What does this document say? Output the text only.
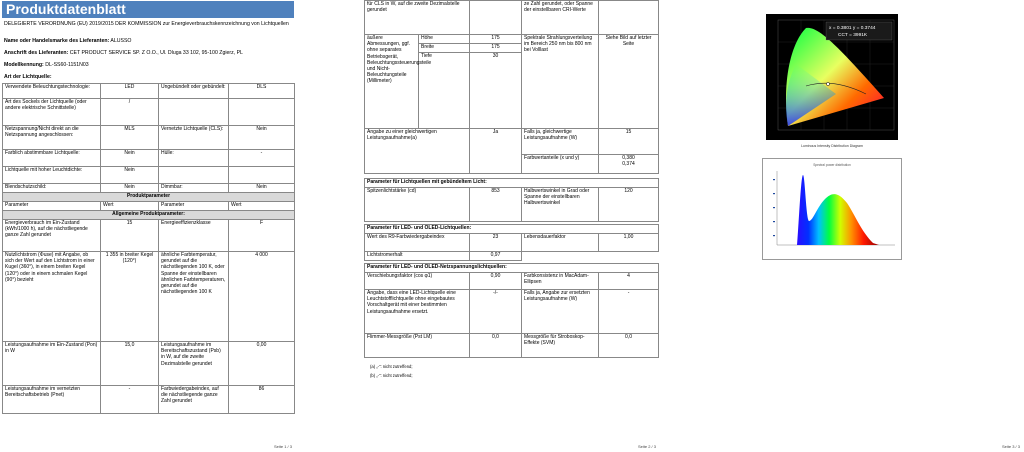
Produktdatenblatt
DELEGIERTE VERORDNUNG (EU) 2019/2015 DER KOMMISSION zur Energieverbrauchskennzeichnung von Lichtquellen
Name oder Handelsmarke des Lieferanten: ALUSSO
Anschrift des Lieferanten: CET PRODUCT SERVICE SP. Z O.O., Ul. Dluga 33 102, 95-100 Zgierz, PL
Modellkennung: DL-SS60-1151N03
Art der Lichtquelle:
Verwendete Beleuchtungstechnologie:	LED	Ungebündelt oder gebündelt:	DLS
Art des Sockels der Lichtquelle (oder andere elektrische Schnittstelle)	/		
Netzspannung/Nicht direkt an die Netzspannung angeschlossen:	MLS	Vernetzte Lichtquelle (CLS):	Nein
Farblich abstimmbare Lichtquelle:	Nein	Hülle:	-
Lichtquelle mit hoher Leuchtdichte:	Nein		
Blendschutzschild:	Nein	Dimmbar:	Nein
Produktparameter			
Parameter	Wert	Parameter	Wert
Allgemeine Produktparameter:			
Energieverbrauch im Ein-Zustand (kWh/1000 h), auf die nächstliegende ganze Zahl gerundet	15	Energieeffizienzklasse	F
Nutzlichtstrom (Φuse) mit Angabe, ob sich der Wert auf den Lichtstrom in einer Kugel (360°), in einem breiten Kegel (120°) oder in einem schmalen Kegel (90°) bezieht	1 355 in breiter Kegel (120°)	ähnliche Farbtemperatur, gerundet auf die nächstliegenden 100 K, oder Spanne der einstellbaren ähnlichen Farbtemperaturen, gerundet auf die nächstliegenden 100 K	4 000
Leistungsaufnahme im Ein-Zustand (Pon) in W	15,0	Leistungsaufnahme im Bereitschaftszustand (Psb) in W, auf die zweite Dezimalstelle gerundet	0,00
Leistungsaufnahme im vernetzten Bereitschaftsbetrieb (Pnet)	-	Farbwiedergabeindex, auf die nächstliegende ganze Zahl gerundet	86
Seite 1 / 3
für CLS in W, auf die zweite Dezimalstelle gerundet			ze Zahl gerundet, oder Spanne der einstellbaren CRI-Werte	
äußere Abmessungen, ggf. ohne separates Betriebsgerät, Beleuchtungssteuerungsteile und Nicht-Beleuchtungsteile (Millimeter)	Höhe	175	Spektrale Strahlungsverteilung im Bereich 250 nm bis 800 nm bei Volllast	Siehe Bild auf letzter Seite
	Breite	175		
	Tiefe	30		
Angabe zu einer gleichwertigen Leistungsaufnahme(a)		Ja	Falls ja, gleichwertige Leistungsaufnahme (W)	15
			Farbwertanteile (x und y)	0,380
0,374
Parameter für Lichtquellen mit gebündeltem Licht:
Spitzenlichtstärke (cd)	853	Halbwertswinkel in Grad oder Spanne der einstellbaren Halbwertswinkel	120
Parameter für LED- und OLED-Lichtquellen:			
Wert des R9-Farbwiedergabeindex	23	Lebensdauerfaktor	1,00
Lichtstromerhalt	0,97		
Parameter für LED- und OLED-Netzspannungslichtquellen:			
Verschiebungsfaktor (cos φ1)	0,90	Farbkonsistenz in MacAdam-Ellipsen	4
Angabe, dass eine LED-Lichtquelle eine Leuchtstofflichtquelle ohne eingebautes Vorschaltgerät mit einer bestimmten Leistungsaufnahme ersetzt.	-/-	Falls ja, Angabe zur ersetzten Leistungsaufnahme (W)	-
Flimmer-Messgröße (Pst LM)	0,0	Messgröße für Stroboskop-Effekte (SVM)	0,0
(a) „-“: nicht zutreffend;
(b) „-“: nicht zutreffend;
Seite 2 / 3
x = 0.3801 y = 0.3744
CCT = 3991K
Luminous Intensity Distribution Diagram
Spectral power distribution
Seite 3 / 3
